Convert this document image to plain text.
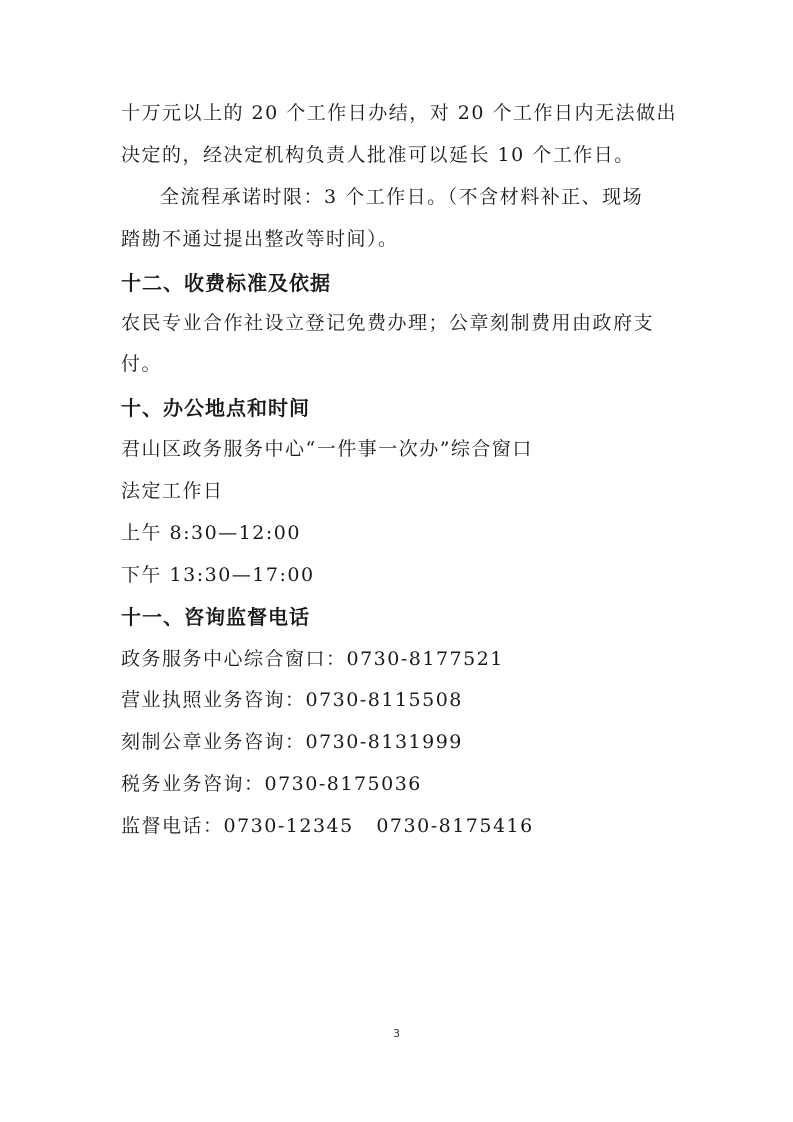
十万元以上的 20 个工作日办结，对 20 个工作日内无法做出
决定的，经决定机构负责人批准可以延长 10 个工作日。
全流程承诺时限：3 个工作日。（不含材料补正、现场
踏勘不通过提出整改等时间）。
十二、收费标准及依据
农民专业合作社设立登记免费办理；公章刻制费用由政府支
付。
十、办公地点和时间
君山区政务服务中心“一件事一次办”综合窗口
法定工作日
上午 8:30—12:00
下午 13:30—17:00
十一、咨询监督电话
政务服务中心综合窗口：0730-8177521
营业执照业务咨询：0730-8115508
刻制公章业务咨询：0730-8131999
税务业务咨询：0730-8175036
监督电话：0730-12345   0730-8175416
3
